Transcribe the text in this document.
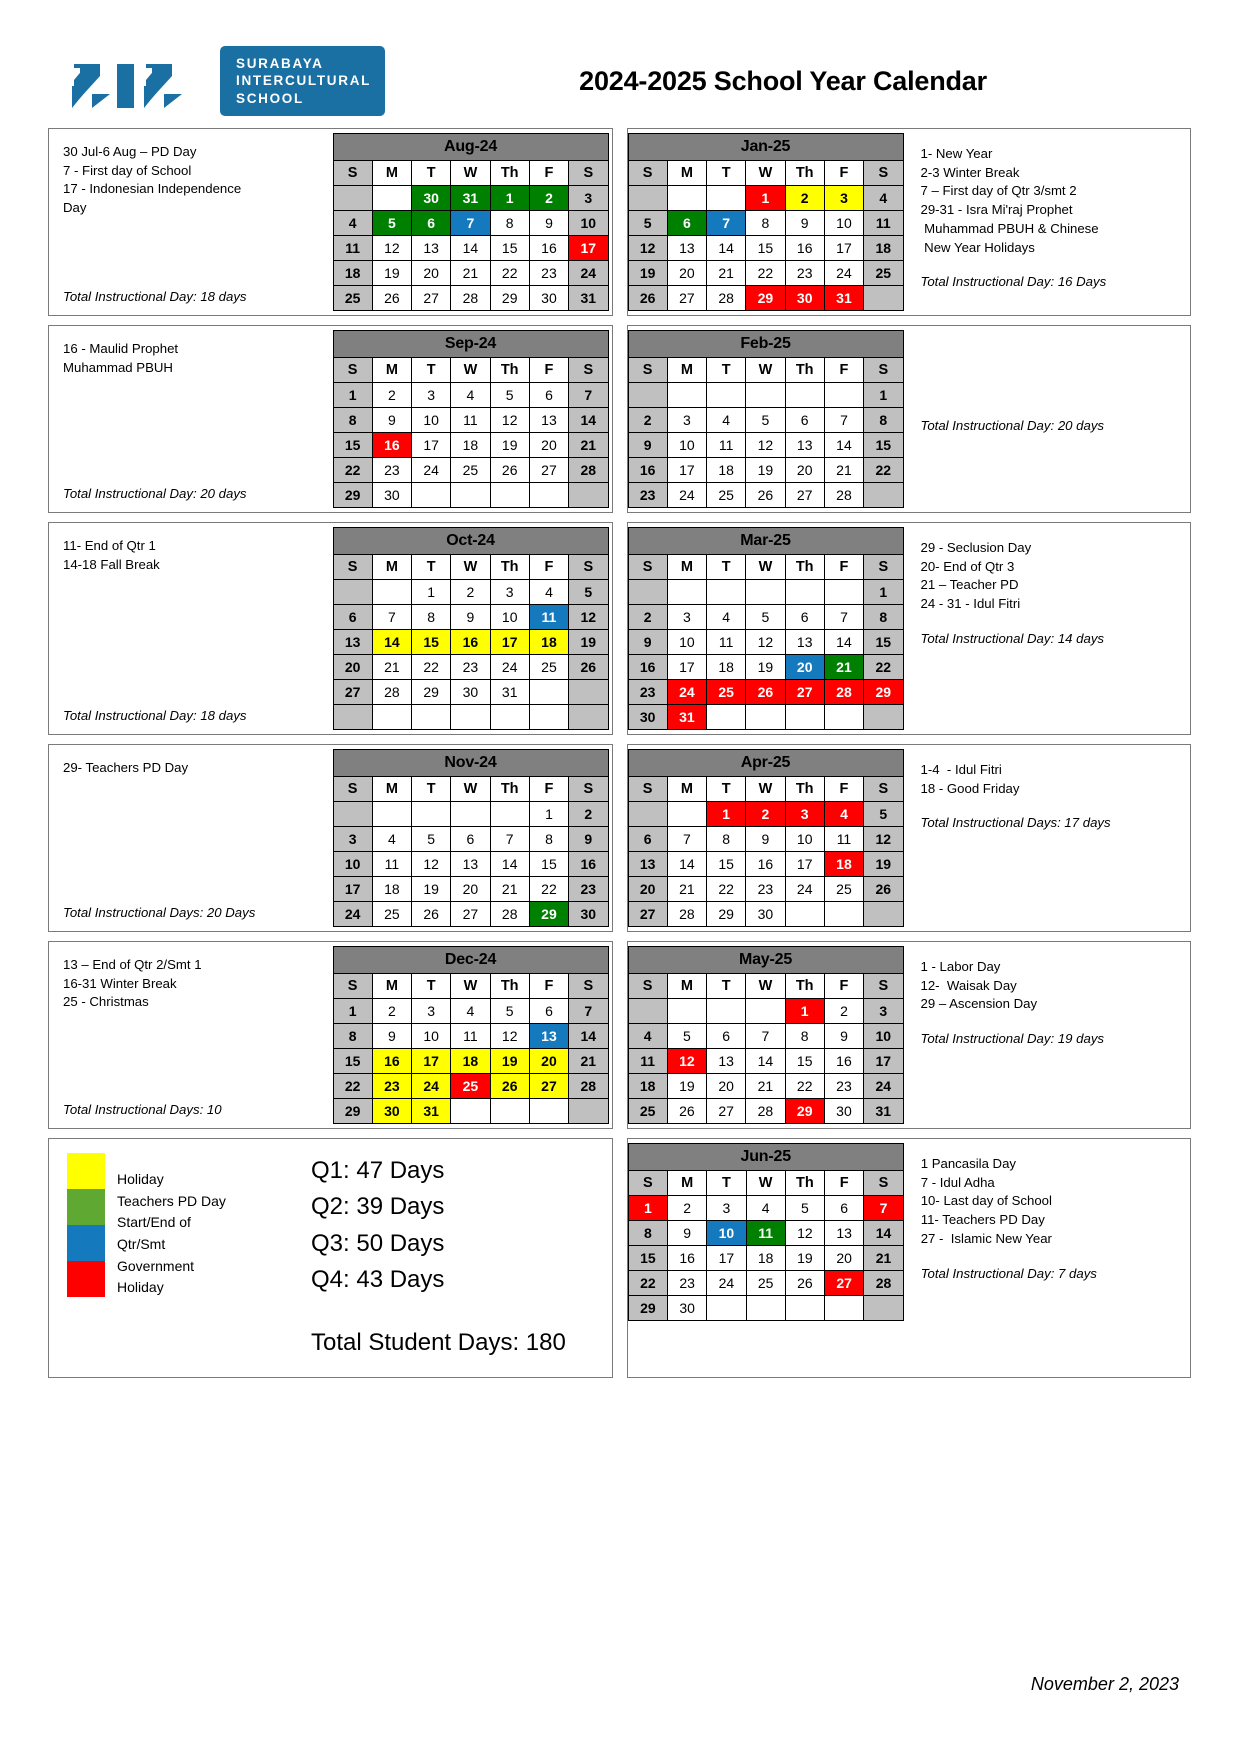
SURABAYA
INTERCULTURAL
SCHOOL
2024-2025 School Year Calendar
30 Jul-6 Aug – PD Day
7 - First day of School
17 - Indonesian Independence
Day
Total Instructional Day: 18 days
Aug-24						
S	M	T	W	Th	F	S
		30	31	1	2	3
4	5	6	7	8	9	10
11	12	13	14	15	16	17
18	19	20	21	22	23	24
25	26	27	28	29	30	31
Jan-25						
S	M	T	W	Th	F	S
			1	2	3	4
5	6	7	8	9	10	11
12	13	14	15	16	17	18
19	20	21	22	23	24	25
26	27	28	29	30	31	
1- New Year
2-3 Winter Break
7 – First day of Qtr 3/smt 2
29-31 - Isra Mi'raj Prophet
Muhammad PBUH & Chinese
New Year Holidays
Total Instructional Day: 16 Days
16 - Maulid Prophet
Muhammad PBUH
Total Instructional Day: 20 days
Sep-24						
S	M	T	W	Th	F	S
1	2	3	4	5	6	7
8	9	10	11	12	13	14
15	16	17	18	19	20	21
22	23	24	25	26	27	28
29	30					
Feb-25						
S	M	T	W	Th	F	S
						1
2	3	4	5	6	7	8
9	10	11	12	13	14	15
16	17	18	19	20	21	22
23	24	25	26	27	28	
Total Instructional Day: 20 days
11- End of Qtr 1
14-18 Fall Break
Total Instructional Day: 18 days
Oct-24						
S	M	T	W	Th	F	S
		1	2	3	4	5
6	7	8	9	10	11	12
13	14	15	16	17	18	19
20	21	22	23	24	25	26
27	28	29	30	31		

Mar-25						
S	M	T	W	Th	F	S
						1
2	3	4	5	6	7	8
9	10	11	12	13	14	15
16	17	18	19	20	21	22
23	24	25	26	27	28	29
30	31					
29 - Seclusion Day
20- End of Qtr 3
21 – Teacher PD
24 - 31 - Idul Fitri
Total Instructional Day: 14 days
29- Teachers PD Day
Total Instructional Days: 20 Days
Nov-24						
S	M	T	W	Th	F	S
					1	2
3	4	5	6	7	8	9
10	11	12	13	14	15	16
17	18	19	20	21	22	23
24	25	26	27	28	29	30
Apr-25						
S	M	T	W	Th	F	S
		1	2	3	4	5
6	7	8	9	10	11	12
13	14	15	16	17	18	19
20	21	22	23	24	25	26
27	28	29	30			
1-4  - Idul Fitri
18 - Good Friday
Total Instructional Days: 17 days
13 – End of Qtr 2/Smt 1
16-31 Winter Break
25 - Christmas
Total Instructional Days: 10
Dec-24						
S	M	T	W	Th	F	S
1	2	3	4	5	6	7
8	9	10	11	12	13	14
15	16	17	18	19	20	21
22	23	24	25	26	27	28
29	30	31				
May-25						
S	M	T	W	Th	F	S
				1	2	3
4	5	6	7	8	9	10
11	12	13	14	15	16	17
18	19	20	21	22	23	24
25	26	27	28	29	30	31
1 - Labor Day
12-  Waisak Day
29 – Ascension Day
Total Instructional Day: 19 days
Holiday
Teachers PD Day
Start/End of
Qtr/Smt
Government
Holiday
Q1: 47 Days
Q2: 39 Days
Q3: 50 Days
Q4: 43 Days
Total Student Days: 180
Jun-25						
S	M	T	W	Th	F	S
1	2	3	4	5	6	7
8	9	10	11	12	13	14
15	16	17	18	19	20	21
22	23	24	25	26	27	28
29	30					
1 Pancasila Day
7 - Idul Adha
10- Last day of School
11- Teachers PD Day
27 -  Islamic New Year
Total Instructional Day: 7 days
November 2, 2023
